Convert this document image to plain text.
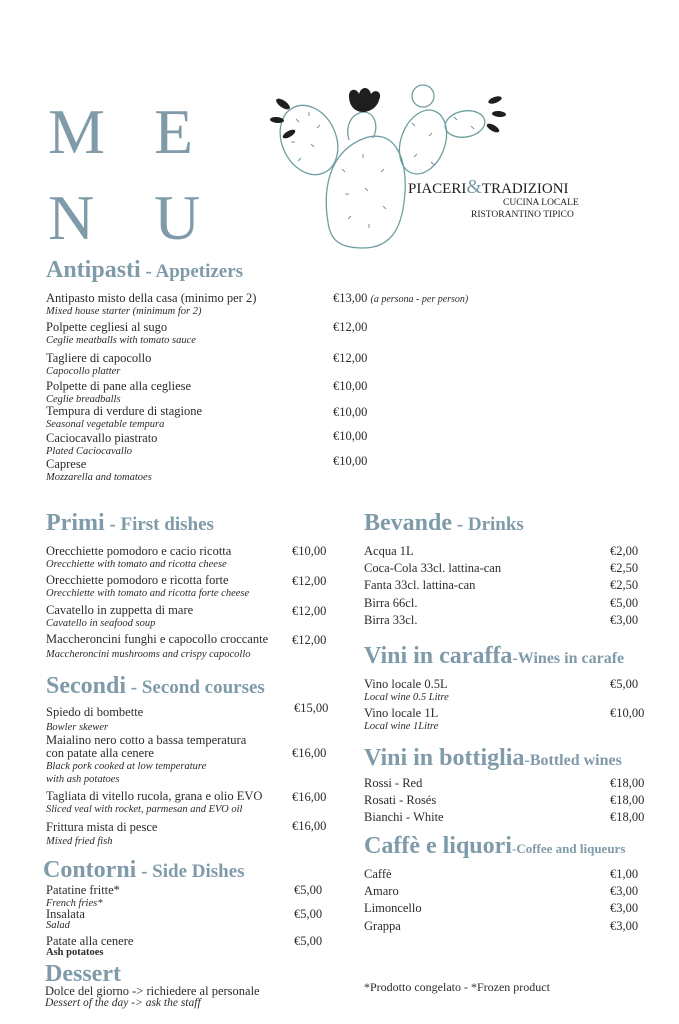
M E
N U	PIACERI&TRADIZIONI
CUCINA LOCALE
RISTORANTINO TIPICO
Antipasti - Appetizers
Antipasto misto della casa (minimo per 2)
Mixed house starter (minimum for 2)
€13,00 (a persona - per person)
Polpette cegliesi al sugo
Ceglie meatballs with tomato sauce
€12,00
Tagliere di capocollo
Capocollo platter
€12,00
Polpette di pane alla cegliese
Ceglie breadballs
€10,00
Tempura di verdure di stagione
Seasonal vegetable tempura
€10,00
Caciocavallo piastrato
Plated Caciocavallo
€10,00
Caprese
Mozzarella and tomatoes
€10,00
Primi - First dishes
Orecchiette pomodoro e cacio ricotta
Orecchiette with tomato and ricotta cheese
€10,00
Orecchiette pomodoro e ricotta forte
Orecchiette with tomato and ricotta forte cheese
€12,00
Cavatello in zuppetta di mare
Cavatello in seafood soup
€12,00
Maccheroncini funghi e capocollo croccante
Maccheroncini mushrooms and crispy capocollo
€12,00
Secondi - Second courses
Spiedo di bombette
Bowler skewer
€15,00
Maialino nero cotto a bassa temperatura
con patate alla cenere
Black pork cooked at low temperature
with ash potatoes
€16,00
Tagliata di vitello rucola, grana e olio EVO
Sliced veal with rocket, parmesan and EVO oil
€16,00
Frittura mista di pesce
Mixed fried fish
€16,00
Contorni - Side Dishes
Patatine fritte*
French fries*
€5,00
Insalata
Salad
€5,00
Patate alla cenere
Ash potatoes
€5,00
Dessert
Dolce del giorno -> richiedere al personale
Dessert of the day -> ask the staff
Bevande - Drinks
Acqua 1L	€2,00
Coca-Cola 33cl. lattina-can	€2,50
Fanta 33cl. lattina-can	€2,50
Birra 66cl.	€5,00
Birra 33cl.	€3,00
Vini in caraffa-Wines in carafe
Vino locale 0.5L
Local wine 0.5 Litre
€5,00
Vino locale 1L
Local wine 1Litre
€10,00
Vini in bottiglia-Bottled wines
Rossi - Red	€18,00
Rosati - Rosés	€18,00
Bianchi - White	€18,00
Caffè e liquori-Coffee and liqueurs
Caffè	€1,00
Amaro	€3,00
Limoncello	€3,00
Grappa	€3,00
*Prodotto congelato - *Frozen product
